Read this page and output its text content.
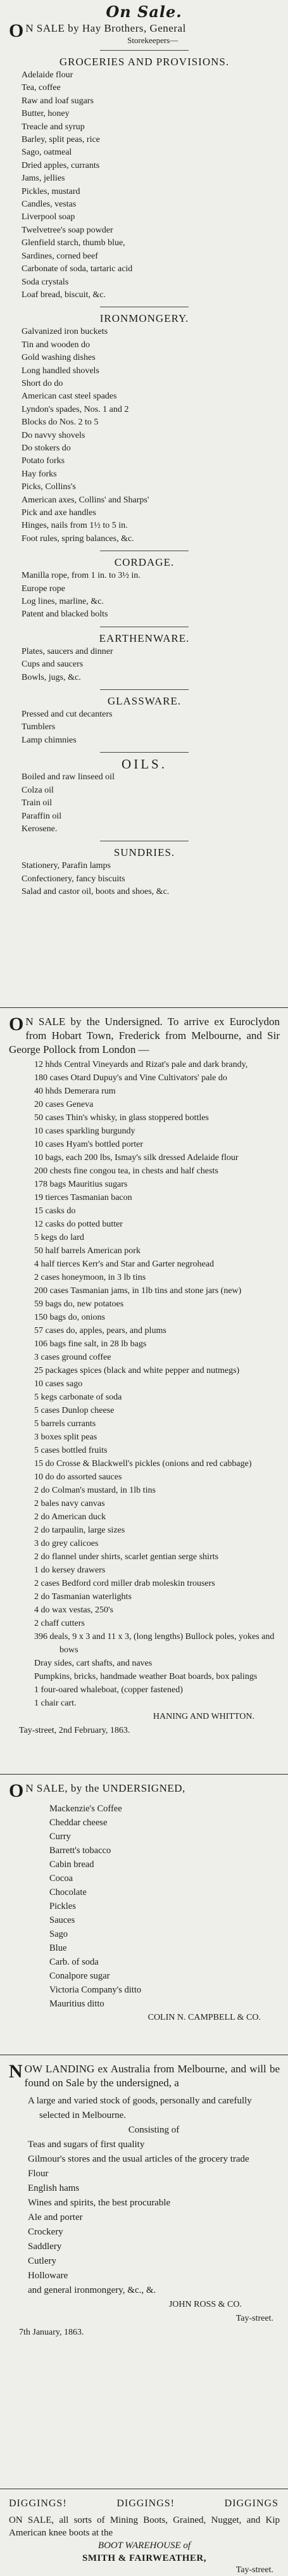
On Sale.
O N SALE by Hay Brothers, General
Storekeepers—
GROCERIES AND PROVISIONS.
Adelaide flour
Tea, coffee
Raw and loaf sugars
Butter, honey
Treacle and syrup
Barley, split peas, rice
Sago, oatmeal
Dried apples, currants
Jams, jellies
Pickles, mustard
Candles, vestas
Liverpool soap
Twelvetree's soap powder
Glenfield starch, thumb blue,
Sardines, corned beef
Carbonate of soda, tartaric acid
Soda crystals
Loaf bread, biscuit, &c.
IRONMONGERY.
Galvanized iron buckets
Tin and wooden do
Gold washing dishes
Long handled shovels
Short do do
American cast steel spades
Lyndon's spades, Nos. 1 and 2
Blocks do Nos. 2 to 5
Do navvy shovels
Do stokers do
Potato forks
Hay forks
Picks, Collins's
American axes, Collins' and Sharps'
Pick and axe handles
Hinges, nails from 1½ to 5 in.
Foot rules, spring balances, &c.
CORDAGE.
Manilla rope, from 1 in. to 3½ in.
Europe rope
Log lines, marline, &c.
Patent and blacked bolts
EARTHENWARE.
Plates, saucers and dinner
Cups and saucers
Bowls, jugs, &c.
GLASSWARE.
Pressed and cut decanters
Tumblers
Lamp chimnies
OILS.
Boiled and raw linseed oil
Colza oil
Train oil
Paraffin oil
Kerosene.
SUNDRIES.
Stationery, Parafin lamps
Confectionery, fancy biscuits
Salad and castor oil, boots and shoes, &c.
O N SALE by the Undersigned. To arrive ex Euroclydon from Hobart Town, Frederick from Melbourne, and Sir George Pollock from London —
12 hhds Central Vineyards and Rizat's pale and dark brandy,
180 cases Otard Dupuy's and Vine Cultivators' pale do
40 hhds Demerara rum
20 cases Geneva
50 cases Thin's whisky, in glass stoppered bottles
10 cases sparkling burgundy
10 cases Hyam's bottled porter
10 bags, each 200 lbs, Ismay's silk dressed Adelaide flour
200 chests fine congou tea, in chests and half chests
178 bags Mauritius sugars
19 tierces Tasmanian bacon
15 casks do
12 casks do potted butter
5 kegs do lard
50 half barrels American pork
4 half tierces Kerr's and Star and Garter negrohead
2 cases honeymoon, in 3 lb tins
200 cases Tasmanian jams, in 1lb tins and stone jars (new)
59 bags do, new potatoes
150 bags do, onions
57 cases do, apples, pears, and plums
106 bags fine salt, in 28 lb bags
3 cases ground coffee
25 packages spices (black and white pepper and nutmegs)
10 cases sago
5 kegs carbonate of soda
5 cases Dunlop cheese
5 barrels currants
3 boxes split peas
5 cases bottled fruits
15 do Crosse & Blackwell's pickles (onions and red cabbage)
10 do do assorted sauces
2 do Colman's mustard, in 1lb tins
2 bales navy canvas
2 do American duck
2 do tarpaulin, large sizes
3 do grey calicoes
2 do flannel under shirts, scarlet gentian serge shirts
1 do kersey drawers
2 cases Bedford cord miller drab moleskin trousers
2 do Tasmanian waterlights
4 do wax vestas, 250's
2 chaff cutters
396 deals, 9 x 3 and 11 x 3, (long lengths) Bullock poles, yokes and bows
Dray sides, cart shafts, and naves
Pumpkins, bricks, handmade weather Boat boards, box palings
1 four-oared whaleboat, (copper fastened)
1 chair cart.
HANING AND WHITTON.
Tay-street, 2nd February, 1863.
O N SALE, by the UNDERSIGNED,
Mackenzie's Coffee
Cheddar cheese
Curry
Barrett's tobacco
Cabin bread
Cocoa
Chocolate
Pickles
Sauces
Sago
Blue
Carb. of soda
Conalpore sugar
Victoria Company's ditto
Mauritius ditto
COLIN N. CAMPBELL & CO.
NOW LANDING ex Australia from Melbourne, and will be found on Sale by the undersigned, a
A large and varied stock of goods, personally and carefully selected in Melbourne.
Consisting of
Teas and sugars of first quality
Gilmour's stores and the usual articles of the grocery trade
Flour
English hams
Wines and spirits, the best procurable
Ale and porter
Crockery
Saddlery
Cutlery
Holloware
and general ironmongery, &c., &.
JOHN ROSS & CO.
Tay-street.
7th January, 1863.
DIGGINGS!	DIGGINGS!	DIGGINGS
ON SALE, all sorts of Mining Boots, Grained, Nugget, and Kip American knee boots at the
BOOT WAREHOUSE of
SMITH & FAIRWEATHER,
Tay-street.
